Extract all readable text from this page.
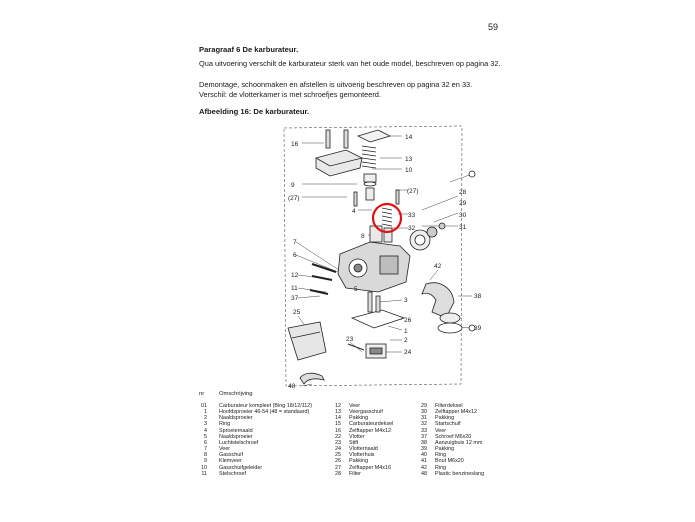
59
Paragraaf 6 De karburateur.
Qua uitvoering verschilt de karburateur sterk van het oude model, beschreven op pagina 32.
Demontage, schoonmaken en afstellen is uitvoerig beschreven op pagina 32 en 33.
Verschil: de vlotterkamer is met schroefjes gemonteerd.
Afbeelding 16: De karburateur.
14
16
13
10
9
(27)
(27)	28
29
33	30
31
4
32
8
7
6
12
11
37
42
5
3
38
26
39
1
25
2
23
24
48
nr	Omschrijving
01	Carburateur kompleet (Bing 18/12/112)
1	Hoofdsproeier 46-54 (48 = standaard)
2	Naaldsproeier
3	Ring
4	Sproeiernaald
5	Naaldsproeier
6	Luchtstelschroef
7	Veer
8	Gasschuif
9	Klemveer
10	Gasschuifgeleider
11	Stelschroef
12	Veer
13	Veergasschuif
14	Pakking
15	Carburateurdeksel
16	Zelftapper M4x12
22	Vlotter
23	Stift
24	Vlotternaald
25	Vlotterhuis
26	Pakking
27	Zelftapper M4x16
28	Filter
29	Filterdeksel
30	Zelftapper M4x12
31	Pakking
32	Startschuif
33	Veer
37	Schroef M6x20
38	Aanzuigbuis 12 mm
39	Pakking
40	Ring
41	Bout M6x20
42	Ring
48	Plastic benzineslang
